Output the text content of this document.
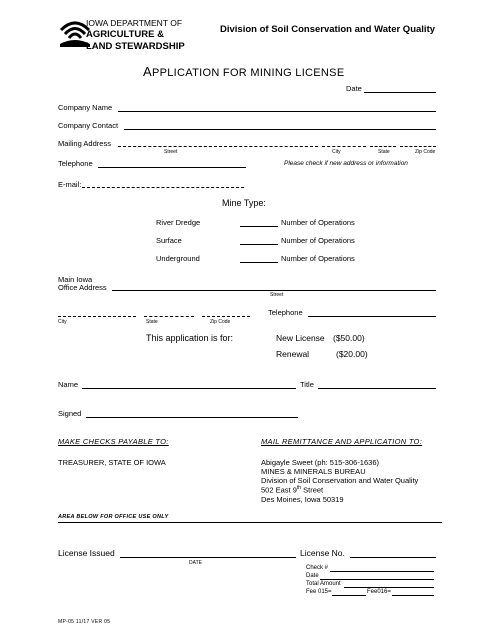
IOWA DEPARTMENT OF
AGRICULTURE &
LAND STEWARDSHIP
Division of Soil Conservation and Water Quality
APPLICATION FOR MINING LICENSE
Date
Company Name
Company Contact
Mailing Address
Street	City	State	Zip Code
Telephone	Please check if new address or information
E-mail:
Mine Type:
River Dredge	Number of Operations
Surface	Number of Operations
Underground	Number of Operations
Main Iowa
Office Address
Street
City	State	Zip Code
Telephone
This application is for:	New License ($50.00)
Renewal	($20.00)
Name	Title
Signed
MAKE CHECKS PAYABLE TO:
TREASURER, STATE OF IOWA
MAIL REMITTANCE AND APPLICATION TO:
Abigayle Sweet (ph: 515-306-1636)
MINES & MINERALS BUREAU
Division of Soil Conservation and Water Quality
502 East 9th Street
Des Moines, Iowa 50319
AREA BELOW FOR OFFICE USE ONLY
License Issued
DATE
License No.
Check #
Date
Total Amount
Fee 015=	Fee016=
MP-05 11/17 VER 05
